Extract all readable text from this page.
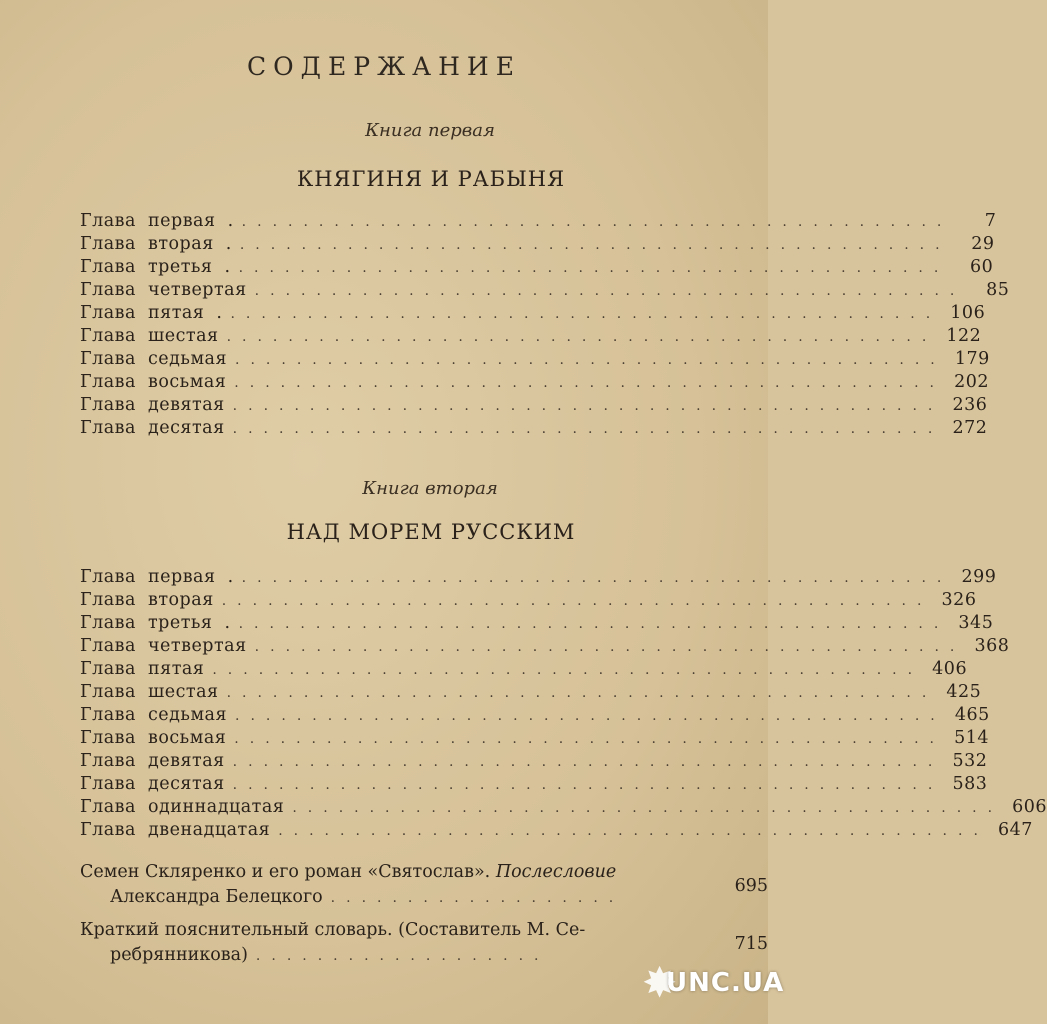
СОДЕРЖАНИЕ
Книга первая
КНЯГИНЯ И РАБЫНЯ
Глава первая . ..............................................	7
Глава вторая . ..............................................	29
Глава третья . ..............................................	60
Глава четвертая ..............................................	85
Глава пятая . .............................................. 106
Глава шестая .............................................. 122
Глава седьмая .............................................. 179
Глава восьмая .............................................. 202
Глава девятая .............................................. 236
Глава десятая .............................................. 272
Книга вторая
НАД МОРЕМ РУССКИМ
Глава первая . .............................................. 299
Глава вторая .............................................. 326
Глава третья . .............................................. 345
Глава четвертая .............................................. 368
Глава пятая .............................................. 406
Глава шестая .............................................. 425
Глава седьмая .............................................. 465
Глава восьмая .............................................. 514
Глава девятая .............................................. 532
Глава десятая .............................................. 583
Глава одиннадцатая .............................................. 606
Глава двенадцатая .............................................. 647
Семен Скляренко и его роман «Святослав». Послесловие
Александра Белецкого ...................
695
Краткий пояснительный словарь. (Составитель М. Се-
ребрянникова) ...................
715
✸
UNC.UA
